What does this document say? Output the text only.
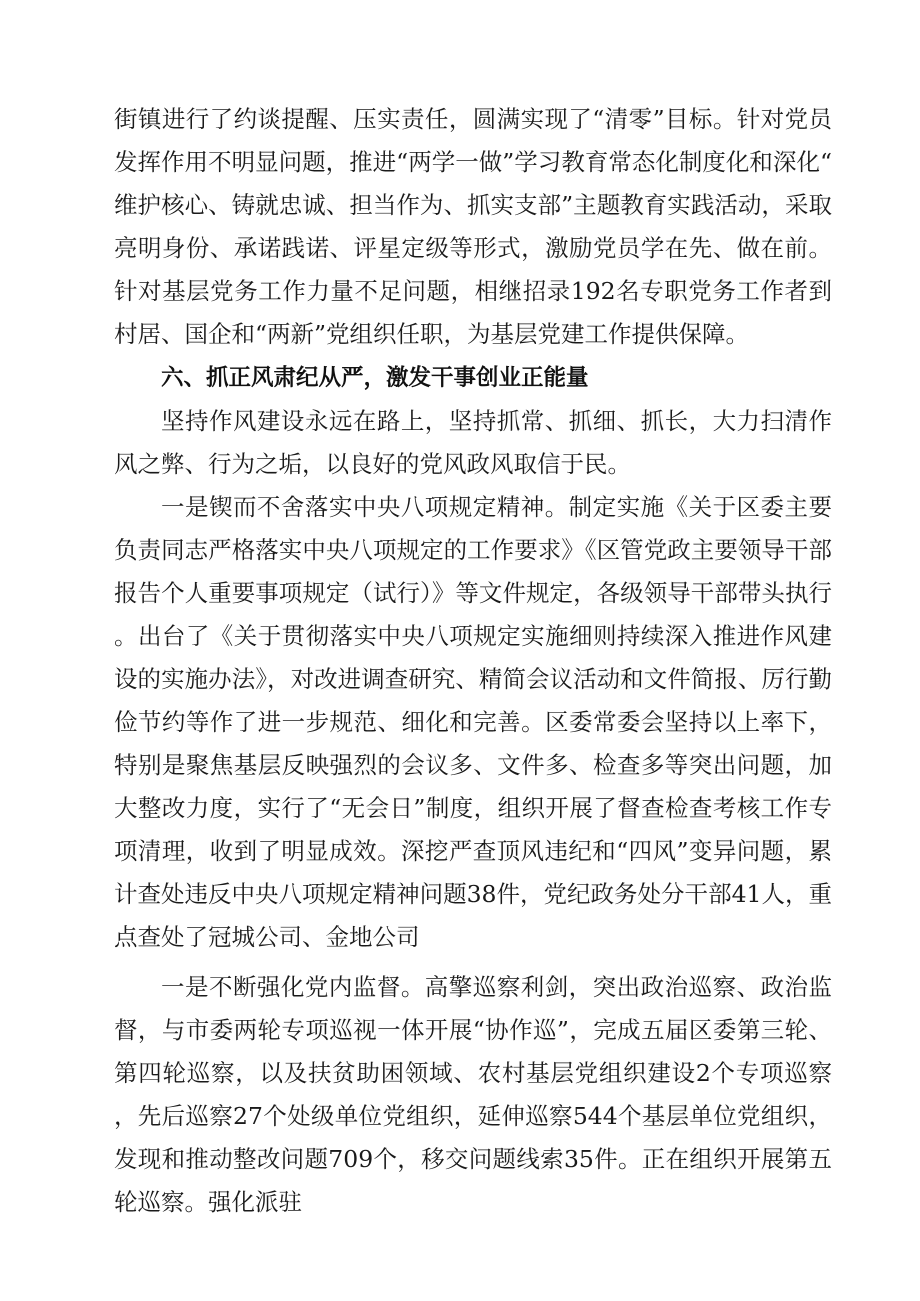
街镇进行了约谈提醒、压实责任，圆满实现了“清零”目标。针对党员发挥作用不明显问题，推进“两学一做”学习教育常态化制度化和深化“维护核心、铸就忠诚、担当作为、抓实支部”主题教育实践活动，采取亮明身份、承诺践诺、评星定级等形式，激励党员学在先、做在前。针对基层党务工作力量不足问题，相继招录192名专职党务工作者到村居、国企和“两新”党组织任职，为基层党建工作提供保障。

六、抓正风肃纪从严，激发干事创业正能量

坚持作风建设永远在路上，坚持抓常、抓细、抓长，大力扫清作风之弊、行为之垢，以良好的党风政风取信于民。

一是锲而不舍落实中央八项规定精神。制定实施《关于区委主要负责同志严格落实中央八项规定的工作要求》《区管党政主要领导干部报告个人重要事项规定（试行）》等文件规定，各级领导干部带头执行。出台了《关于贯彻落实中央八项规定实施细则持续深入推进作风建设的实施办法》，对改进调查研究、精简会议活动和文件简报、厉行勤俭节约等作了进一步规范、细化和完善。区委常委会坚持以上率下，特别是聚焦基层反映强烈的会议多、文件多、检查多等突出问题，加大整改力度，实行了“无会日”制度，组织开展了督查检查考核工作专项清理，收到了明显成效。深挖严查顶风违纪和“四风”变异问题，累计查处违反中央八项规定精神问题38件，党纪政务处分干部41人，重点查处了冠城公司、金地公司

一是不断强化党内监督。高擎巡察利剑，突出政治巡察、政治监督，与市委两轮专项巡视一体开展“协作巡”，完成五届区委第三轮、第四轮巡察，以及扶贫助困领域、农村基层党组织建设2个专项巡察，先后巡察27个处级单位党组织，延伸巡察544个基层单位党组织，发现和推动整改问题709个，移交问题线索35件。正在组织开展第五轮巡察。强化派驻
